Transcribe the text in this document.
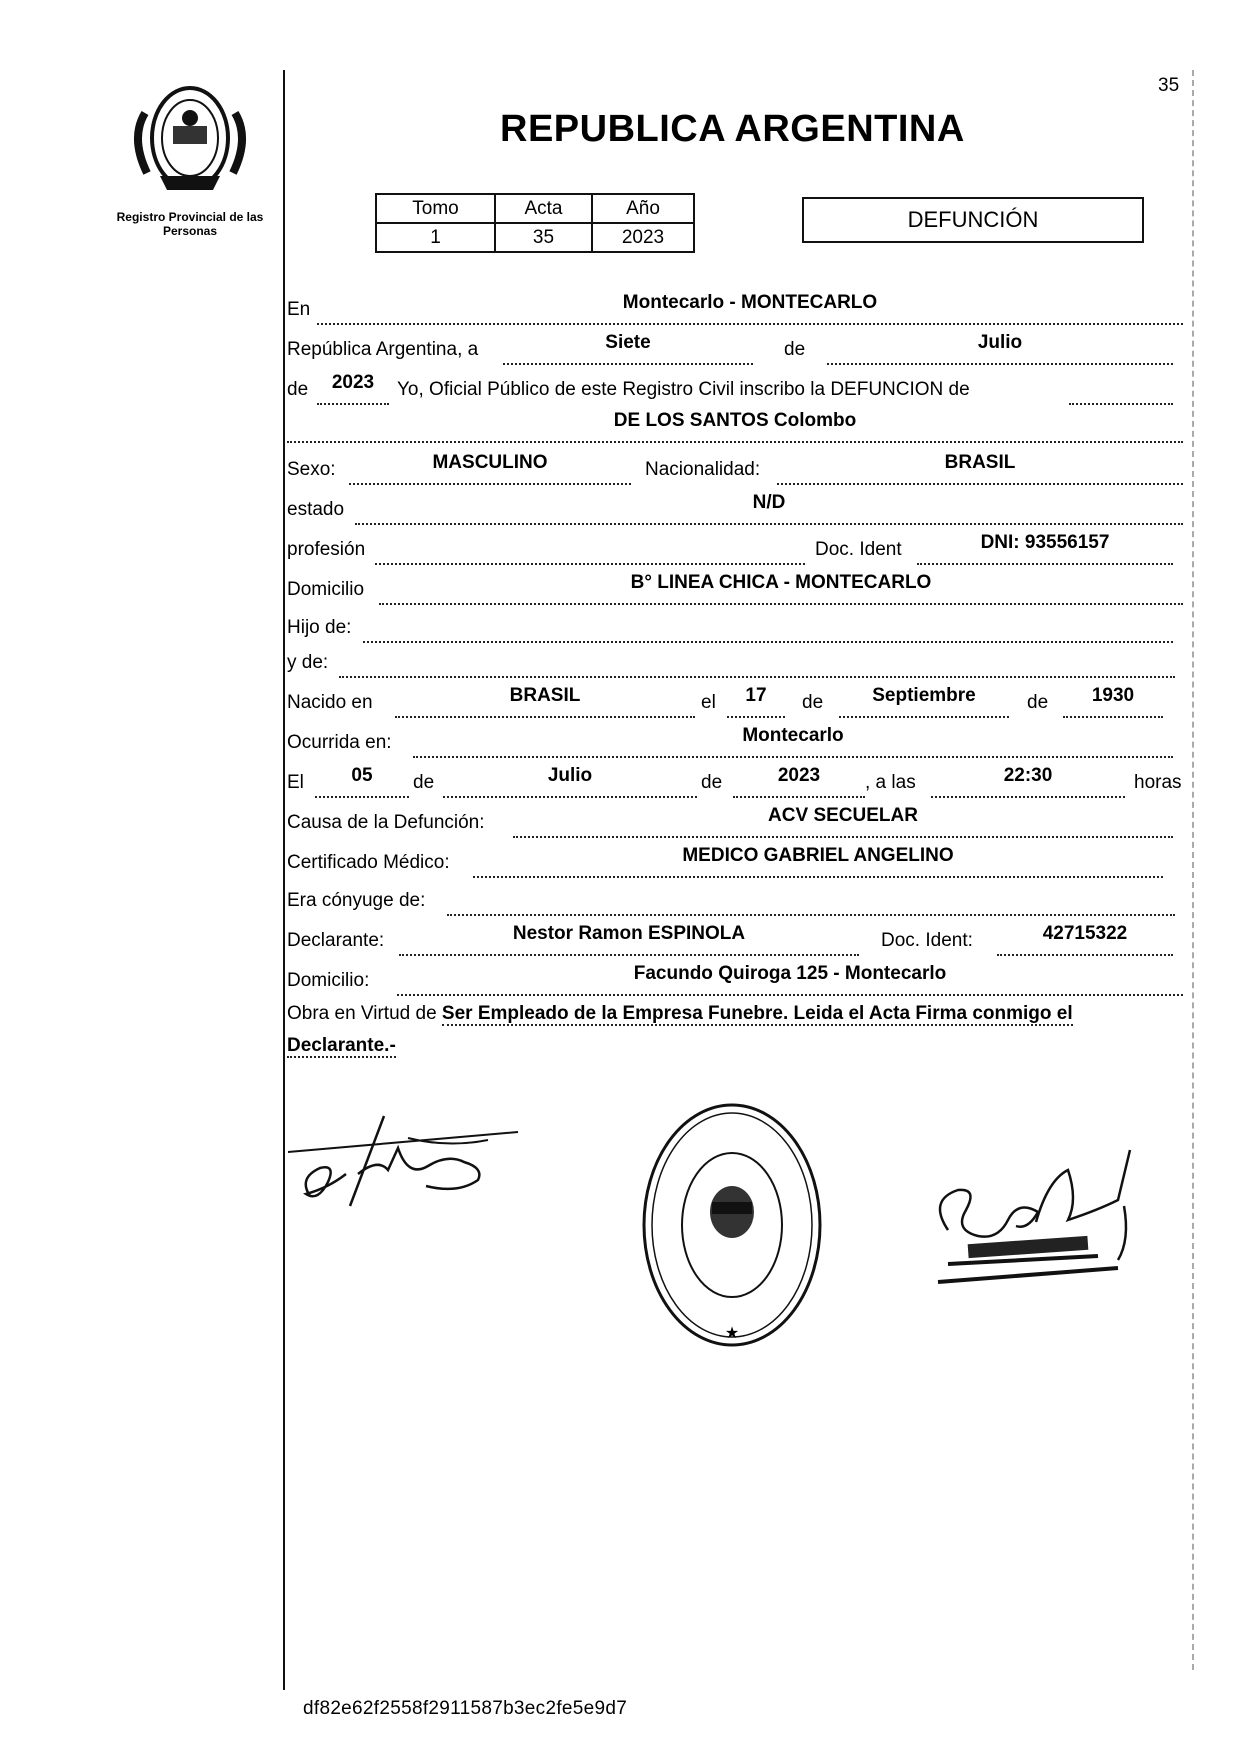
Registro Provincial de las Personas
35
REPUBLICA ARGENTINA
Tomo	Acta	Año
1	35	2023
DEFUNCIÓN
En	Montecarlo - MONTECARLO
República Argentina, a	Siete	de	Julio
de	2023	Yo, Oficial Público de este Registro Civil inscribo la DEFUNCION de
DE LOS SANTOS Colombo
Sexo:	MASCULINO	Nacionalidad:	BRASIL
estado	N/D
profesión	Doc. Ident	DNI: 93556157
Domicilio	B° LINEA CHICA - MONTECARLO
Hijo de:
y de:
Nacido en	BRASIL	el	17	de	Septiembre	de	1930
Ocurrida en:	Montecarlo
El	05	de	Julio	de	2023	, a las	22:30	horas
Causa de la Defunción:	ACV SECUELAR
Certificado Médico:	MEDICO GABRIEL ANGELINO
Era cónyuge de:
Declarante:	Nestor Ramon ESPINOLA	Doc. Ident:	42715322
Domicilio:	Facundo Quiroga 125 - Montecarlo
Obra en Virtud de Ser Empleado de la Empresa Funebre. Leida el Acta Firma conmigo el Declarante.-
★
df82e62f2558f2911587b3ec2fe5e9d7
